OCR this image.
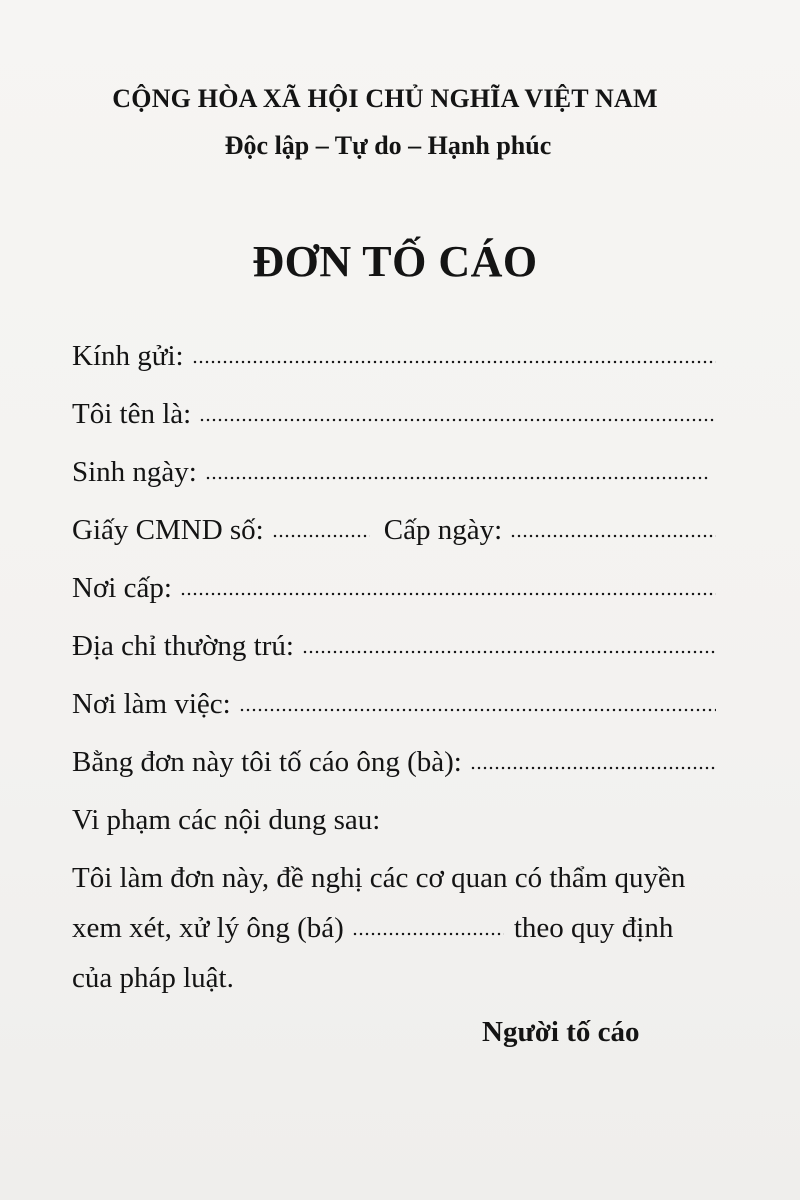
CỘNG HÒA XÃ HỘI CHỦ NGHĨA VIỆT NAM
Độc lập – Tự do – Hạnh phúc
ĐƠN TỐ CÁO
Kính gửi:
Tôi tên là:
Sinh ngày:
Giấy CMND số:	Cấp ngày:
Nơi cấp:
Địa chỉ thường trú:
Nơi làm việc:
Bằng đơn này tôi tố cáo ông (bà):
Vi phạm các nội dung sau:
Tôi làm đơn này, đề nghị các cơ quan có thẩm quyền
xem xét, xử lý ông (bá)	theo quy định
của pháp luật.
Người tố cáo
